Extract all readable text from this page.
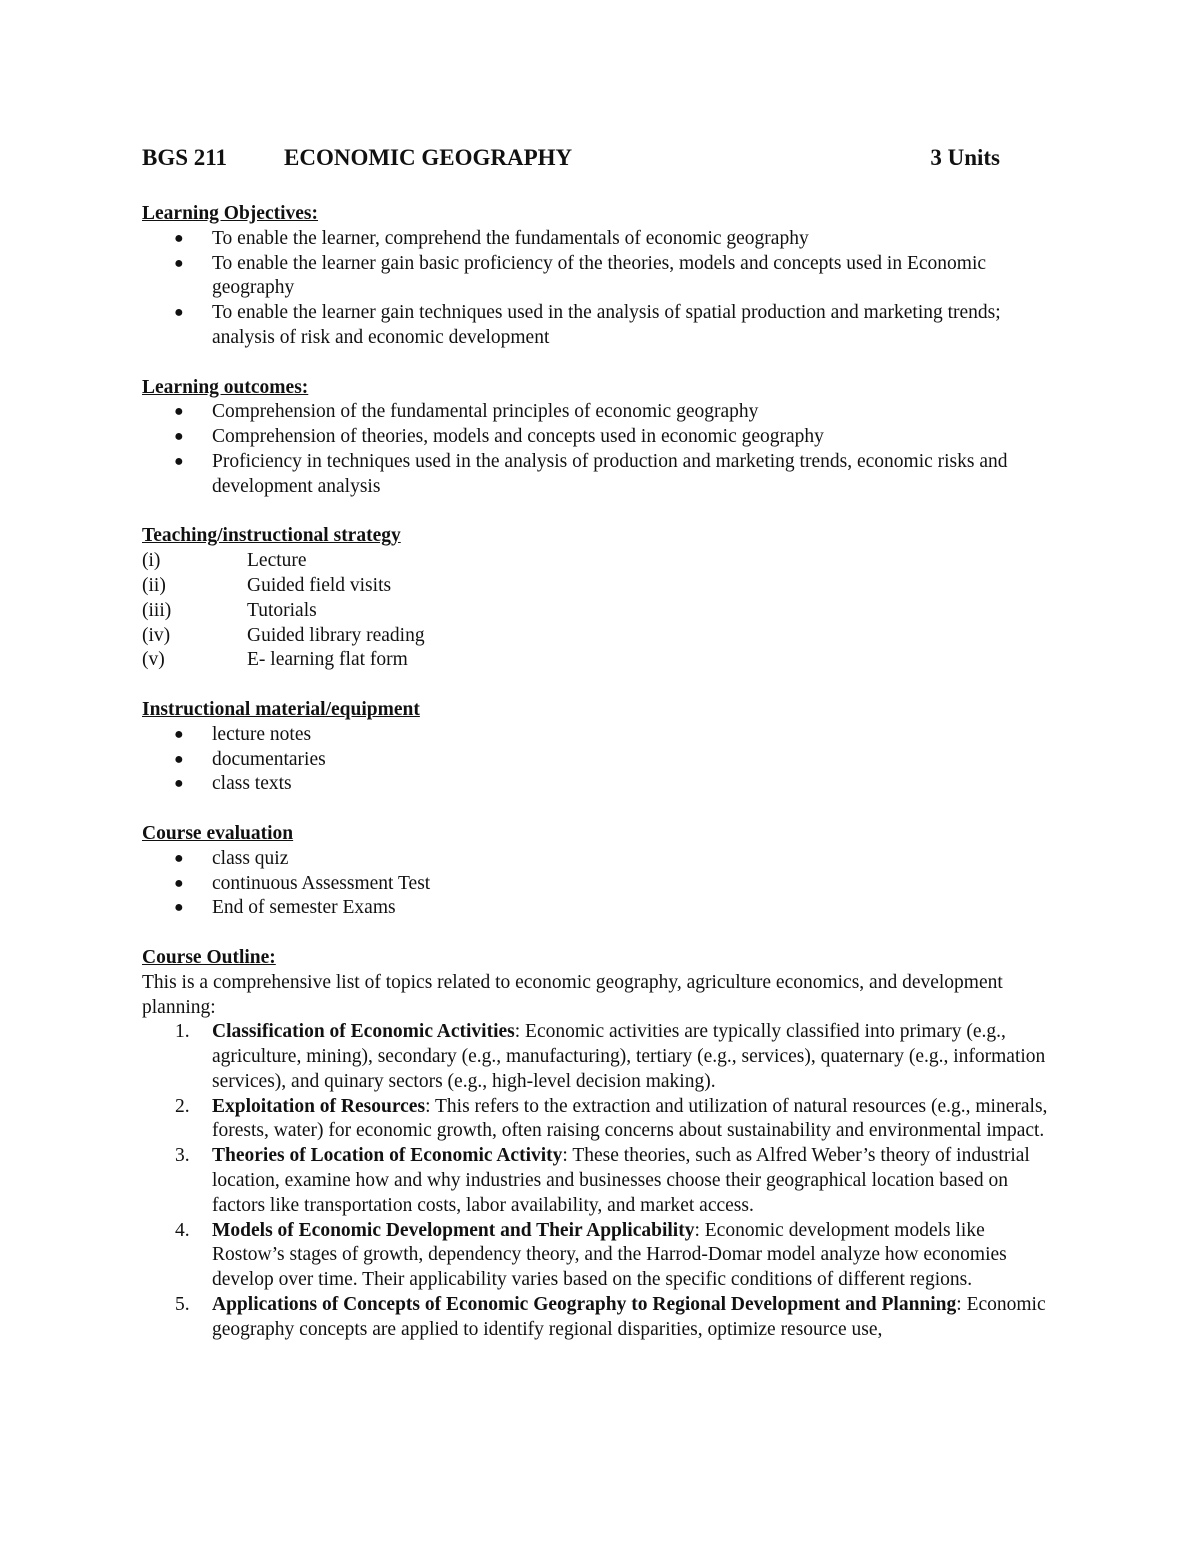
BGS 211 ECONOMIC GEOGRAPHY	3 Units
Learning Objectives:
● To enable the learner, comprehend the fundamentals of economic geography
● To enable the learner gain basic proficiency of the theories, models and concepts used in Economic geography
● To enable the learner gain techniques used in the analysis of spatial production and marketing trends; analysis of risk and economic development
Learning outcomes:
● Comprehension of the fundamental principles of economic geography
● Comprehension of theories, models and concepts used in economic geography
● Proficiency in techniques used in the analysis of production and marketing trends, economic risks and development analysis
Teaching/instructional strategy
(i)	Lecture
(ii)	Guided field visits
(iii)	Tutorials
(iv)	Guided library reading
(v)	E- learning flat form
Instructional material/equipment
● lecture notes
● documentaries
● class texts
Course evaluation
● class quiz
● continuous Assessment Test
● End of semester Exams
Course Outline:
This is a comprehensive list of topics related to economic geography, agriculture economics, and development planning:
1. Classification of Economic Activities: Economic activities are typically classified into primary (e.g., agriculture, mining), secondary (e.g., manufacturing), tertiary (e.g., services), quaternary (e.g., information services), and quinary sectors (e.g., high-level decision making).
2. Exploitation of Resources: This refers to the extraction and utilization of natural resources (e.g., minerals, forests, water) for economic growth, often raising concerns about sustainability and environmental impact.
3. Theories of Location of Economic Activity: These theories, such as Alfred Weber’s theory of industrial location, examine how and why industries and businesses choose their geographical location based on factors like transportation costs, labor availability, and market access.
4. Models of Economic Development and Their Applicability: Economic development models like Rostow’s stages of growth, dependency theory, and the Harrod-Domar model analyze how economies develop over time. Their applicability varies based on the specific conditions of different regions.
5. Applications of Concepts of Economic Geography to Regional Development and Planning: Economic geography concepts are applied to identify regional disparities, optimize resource use,
